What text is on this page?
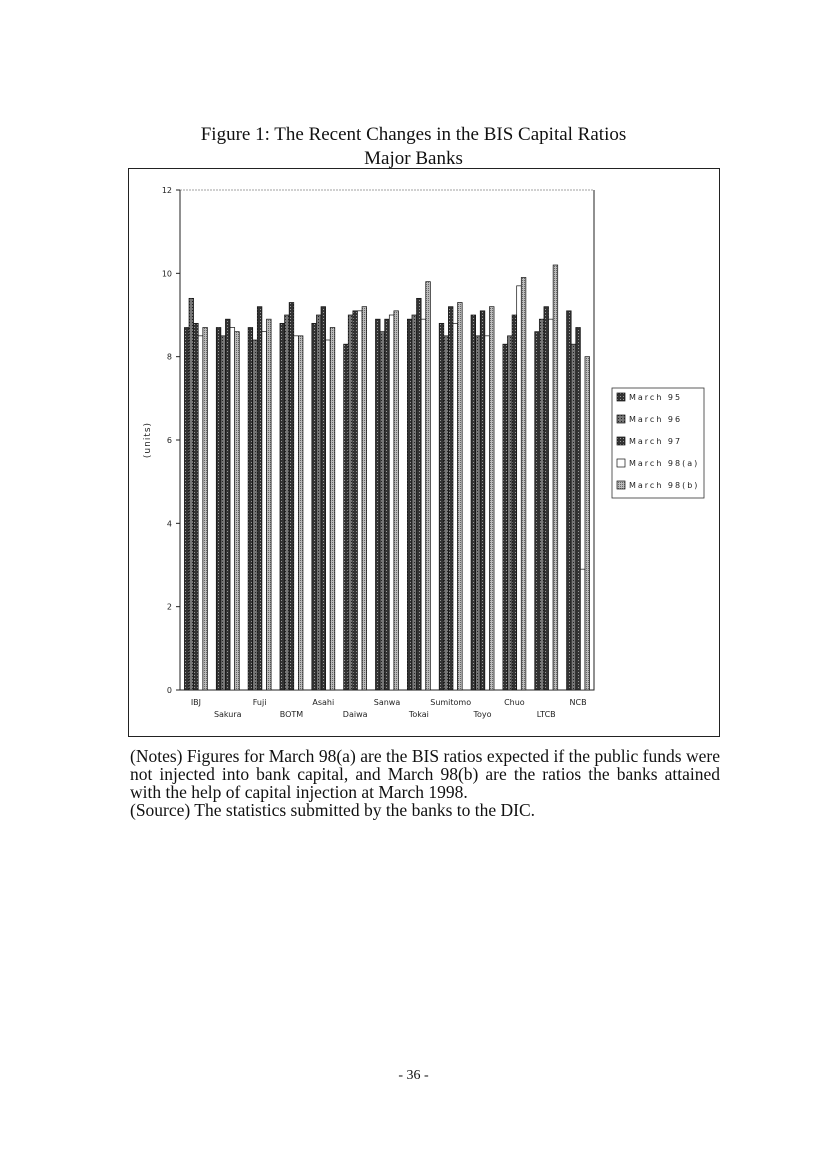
Figure 1: The Recent Changes in the BIS Capital Ratios
Major Banks
0
2
4
6
8
10
12
(units)
IBJ
Sakura
Fuji
BOTM
Asahi
Daiwa
Sanwa
Tokai
Sumitomo
Toyo
Chuo
LTCB
NCB
March 95
March 96
March 97
March 98(a)
March 98(b)

(Notes) Figures for March 98(a) are the BIS ratios expected if the public funds were not injected into bank capital, and March 98(b) are the ratios the banks attained with the help of capital injection at March 1998.

(Source) The statistics submitted by the banks to the DIC.

- 36 -
